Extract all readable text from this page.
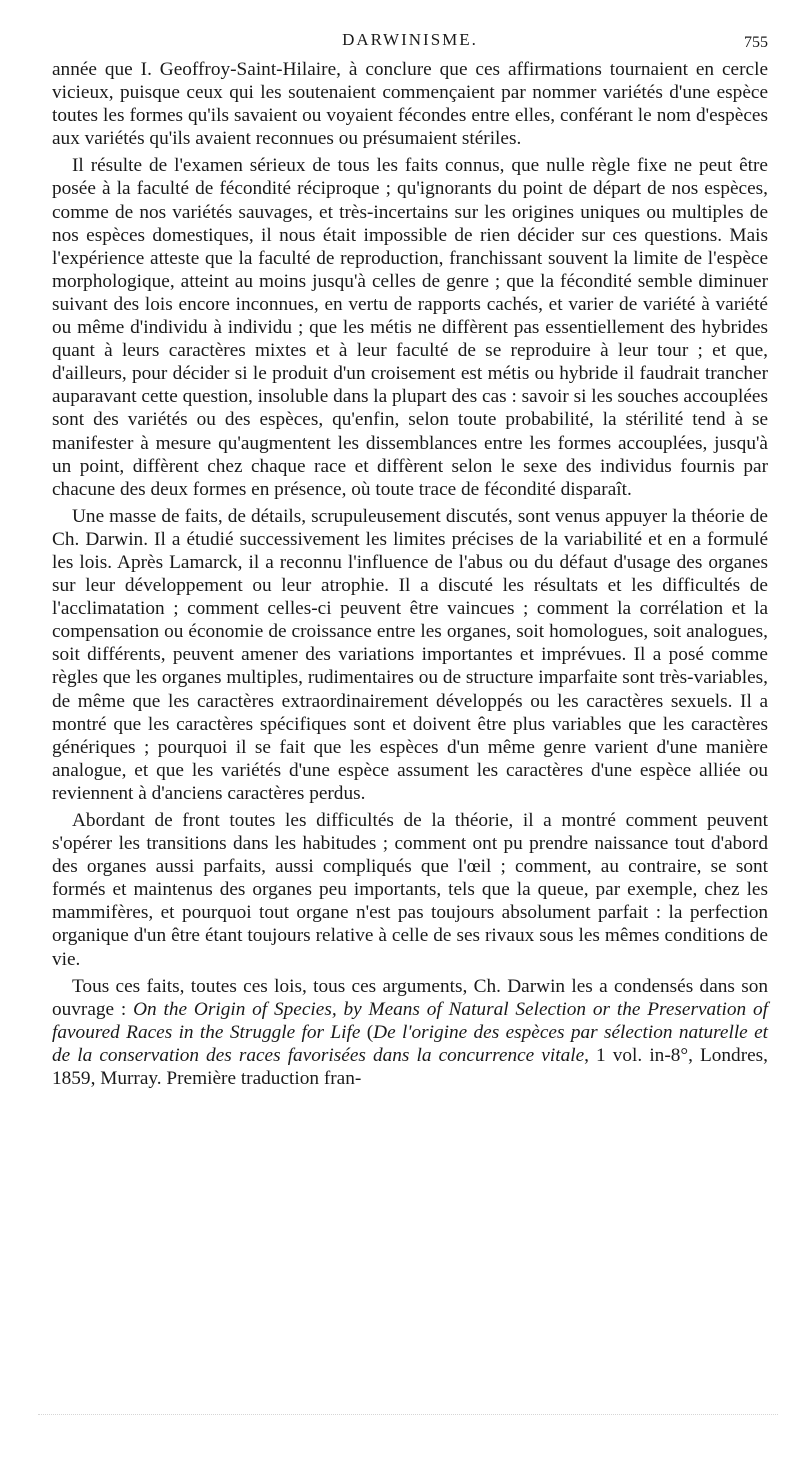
DARWINISME.	755

année que I. Geoffroy-Saint-Hilaire, à conclure que ces affirmations tournaient en cercle vicieux, puisque ceux qui les soutenaient commençaient par nommer variétés d'une espèce toutes les formes qu'ils savaient ou voyaient fécondes entre elles, conférant le nom d'espèces aux variétés qu'ils avaient reconnues ou présumaient stériles.

Il résulte de l'examen sérieux de tous les faits connus, que nulle règle fixe ne peut être posée à la faculté de fécondité réciproque ; qu'ignorants du point de départ de nos espèces, comme de nos variétés sauvages, et très-incertains sur les origines uniques ou multiples de nos espèces domestiques, il nous était impossible de rien décider sur ces questions. Mais l'expérience atteste que la faculté de reproduction, franchissant souvent la limite de l'espèce morphologique, atteint au moins jusqu'à celles de genre ; que la fécondité semble diminuer suivant des lois encore inconnues, en vertu de rapports cachés, et varier de variété à variété ou même d'individu à individu ; que les métis ne diffèrent pas essentiellement des hybrides quant à leurs caractères mixtes et à leur faculté de se reproduire à leur tour ; et que, d'ailleurs, pour décider si le produit d'un croisement est métis ou hybride il faudrait trancher auparavant cette question, insoluble dans la plupart des cas : savoir si les souches accouplées sont des variétés ou des espèces, qu'enfin, selon toute probabilité, la stérilité tend à se manifester à mesure qu'augmentent les dissemblances entre les formes accouplées, jusqu'à un point, diffèrent chez chaque race et diffèrent selon le sexe des individus fournis par chacune des deux formes en présence, où toute trace de fécondité disparaît.

Une masse de faits, de détails, scrupuleusement discutés, sont venus appuyer la théorie de Ch. Darwin. Il a étudié successivement les limites précises de la variabilité et en a formulé les lois. Après Lamarck, il a reconnu l'influence de l'abus ou du défaut d'usage des organes sur leur développement ou leur atrophie. Il a discuté les résultats et les difficultés de l'acclimatation ; comment celles-ci peuvent être vaincues ; comment la corrélation et la compensation ou économie de croissance entre les organes, soit homologues, soit analogues, soit différents, peuvent amener des variations importantes et imprévues. Il a posé comme règles que les organes multiples, rudimentaires ou de structure imparfaite sont très-variables, de même que les caractères extraordinairement développés ou les caractères sexuels. Il a montré que les caractères spécifiques sont et doivent être plus variables que les caractères génériques ; pourquoi il se fait que les espèces d'un même genre varient d'une manière analogue, et que les variétés d'une espèce assument les caractères d'une espèce alliée ou reviennent à d'anciens caractères perdus.

Abordant de front toutes les difficultés de la théorie, il a montré comment peuvent s'opérer les transitions dans les habitudes ; comment ont pu prendre naissance tout d'abord des organes aussi parfaits, aussi compliqués que l'œil ; comment, au contraire, se sont formés et maintenus des organes peu importants, tels que la queue, par exemple, chez les mammifères, et pourquoi tout organe n'est pas toujours absolument parfait : la perfection organique d'un être étant toujours relative à celle de ses rivaux sous les mêmes conditions de vie.

Tous ces faits, toutes ces lois, tous ces arguments, Ch. Darwin les a condensés dans son ouvrage : On the Origin of Species, by Means of Natural Selection or the Preservation of favoured Races in the Struggle for Life (De l'origine des espèces par sélection naturelle et de la conservation des races favorisées dans la concurrence vitale, 1 vol. in-8°, Londres, 1859, Murray. Première traduction fran-
